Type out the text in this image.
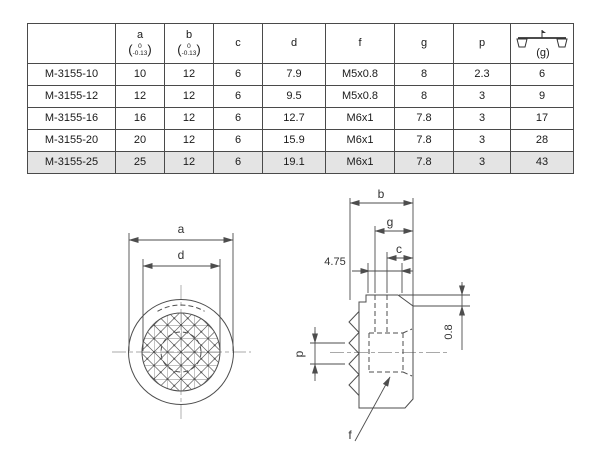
a
d
b
g
c
4.75
0.8
p
f

	a
( 0
-0.13 )	b
( 0
-0.13 )	c	d	f	g	p	(g)

M-3155-10	10	12	6	7.9	M5x0.8	8	2.3	6
M-3155-12	12	12	6	9.5	M5x0.8	8	3	9
M-3155-16	16	12	6	12.7	M6x1	7.8	3	17
M-3155-20	20	12	6	15.9	M6x1	7.8	3	28
M-3155-25	25	12	6	19.1	M6x1	7.8	3	43
